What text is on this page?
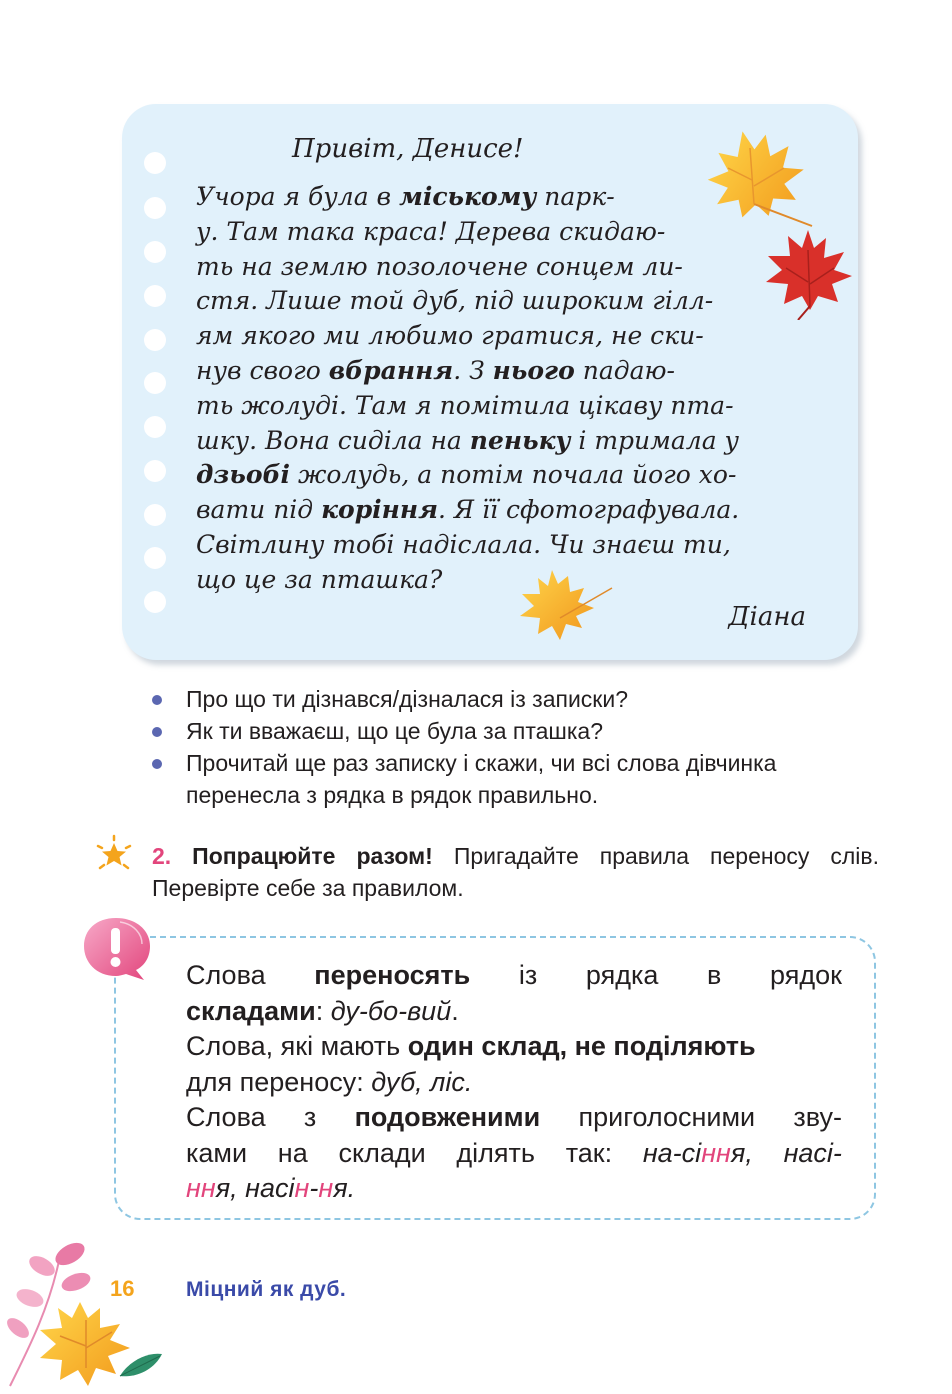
Привіт, Денисе!
Учора я була в міському парк-
у. Там така краса! Дерева скидаю-
ть на землю позолочене сонцем ли-
стя. Лише той дуб, під широким гілл-
ям якого ми любимо гратися, не ски-
нув свого вбрання. З нього падаю-
ть жолуді. Там я помітила цікаву пта-
шку. Вона сиділа на пеньку і тримала у
дзьобі жолудь, а потім почала його хо-
вати під коріння. Я її сфотографувала.
Світлину тобі надіслала. Чи знаєш ти,
що це за пташка?
Діана
Про що ти дізнався/дізналася із записки?
Як ти вважаєш, що це була за пташка?
Прочитай ще раз записку і скажи, чи всі слова дівчинка перенесла з рядка в рядок правильно.
2. Попрацюйте разом! Пригадайте правила переносу слів. Перевірте себе за правилом.
Слова переносять із рядка в рядок
складами: ду-бо-вий.
Слова, які мають один склад, не поділяють
для переносу: дуб, ліс.
Слова з подовженими приголосними зву-
ками на склади ділять так: на-сіння, насі-
ння, насін-ня.
16 Міцний як дуб.
